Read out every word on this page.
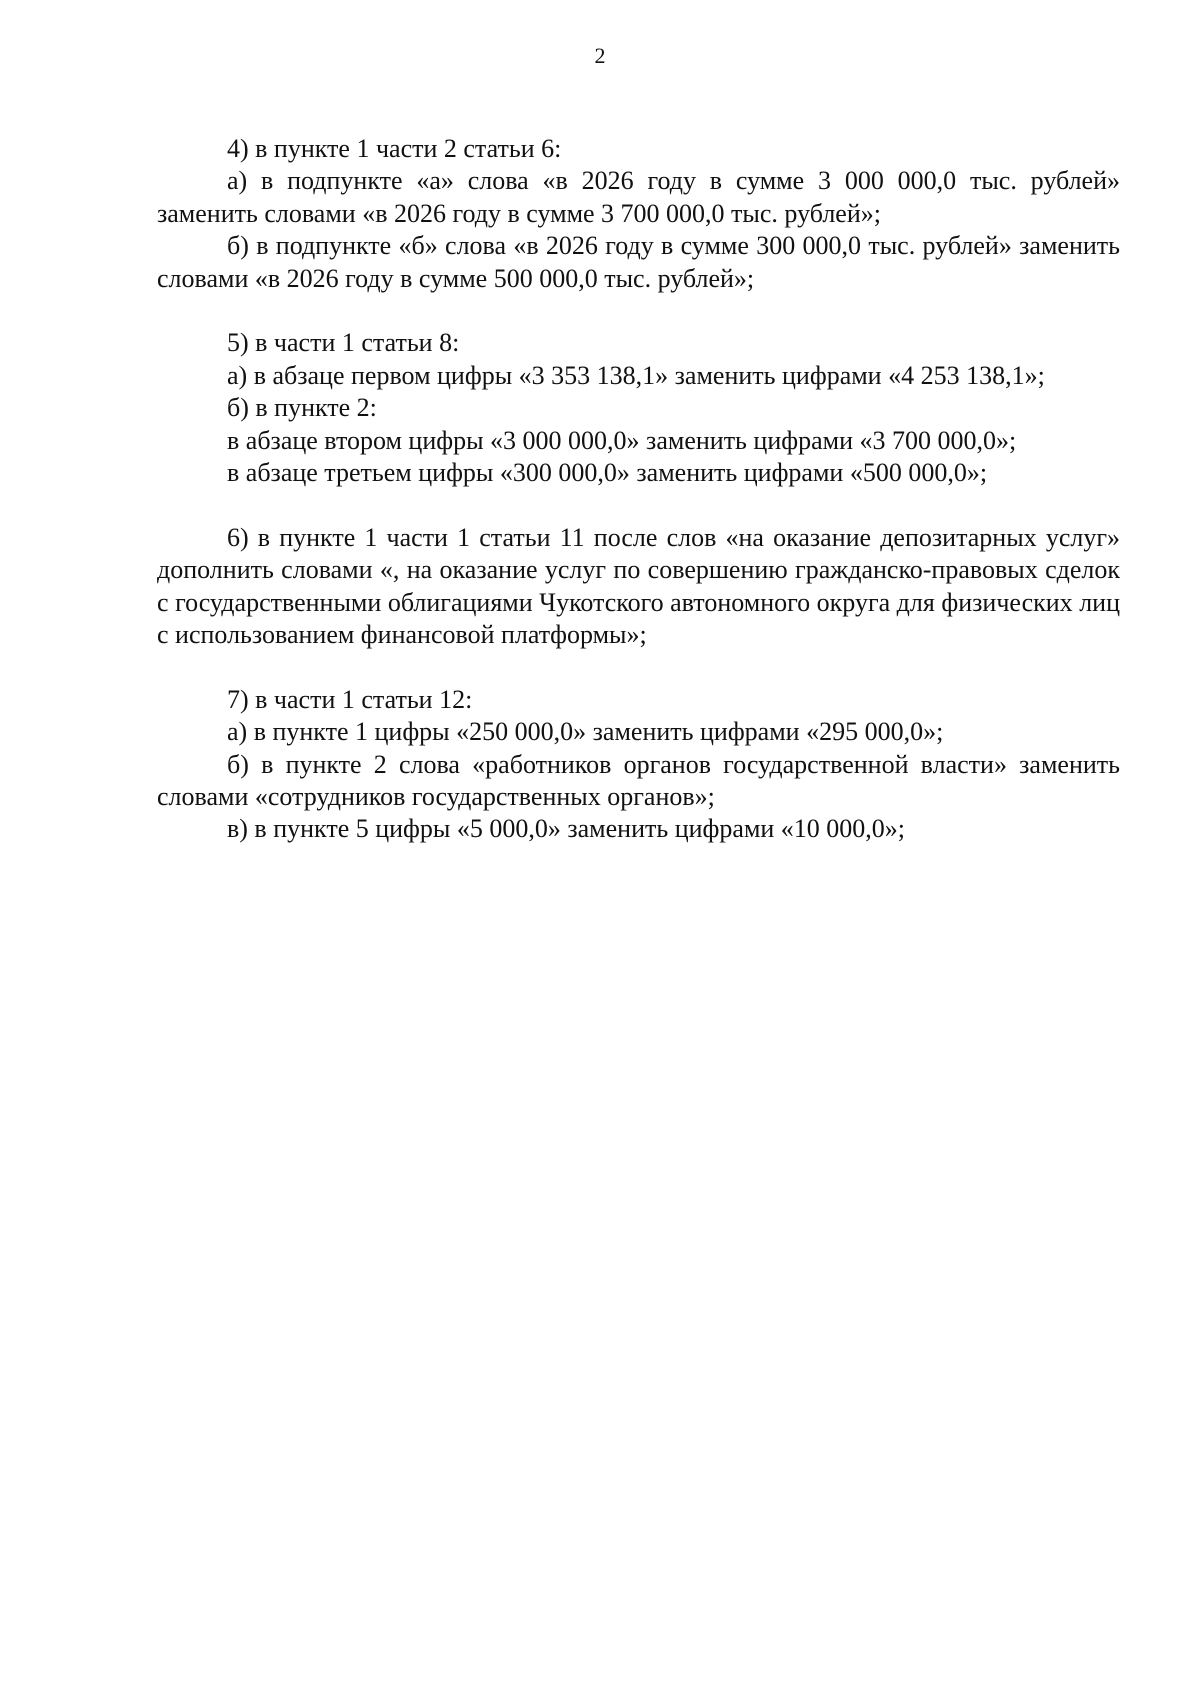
2
4) в пункте 1 части 2 статьи 6:
а) в подпункте «а» слова «в 2026 году в сумме 3 000 000,0 тыс. рублей» заменить словами «в 2026 году в сумме 3 700 000,0 тыс. рублей»;
б) в подпункте «б» слова «в 2026 году в сумме 300 000,0 тыс. рублей» заменить словами «в 2026 году в сумме 500 000,0 тыс. рублей»;
5) в части 1 статьи 8:
а) в абзаце первом цифры «3 353 138,1» заменить цифрами «4 253 138,1»;
б) в пункте 2:
в абзаце втором цифры «3 000 000,0» заменить цифрами «3 700 000,0»;
в абзаце третьем цифры «300 000,0» заменить цифрами «500 000,0»;
6) в пункте 1 части 1 статьи 11 после слов «на оказание депозитарных услуг» дополнить словами «, на оказание услуг по совершению гражданско-правовых сделок с государственными облигациями Чукотского автономного округа для физических лиц с использованием финансовой платформы»;
7) в части 1 статьи 12:
а) в пункте 1 цифры «250 000,0» заменить цифрами «295 000,0»;
б) в пункте 2 слова «работников органов государственной власти» заменить словами «сотрудников государственных органов»;
в) в пункте 5 цифры «5 000,0» заменить цифрами «10 000,0»;
